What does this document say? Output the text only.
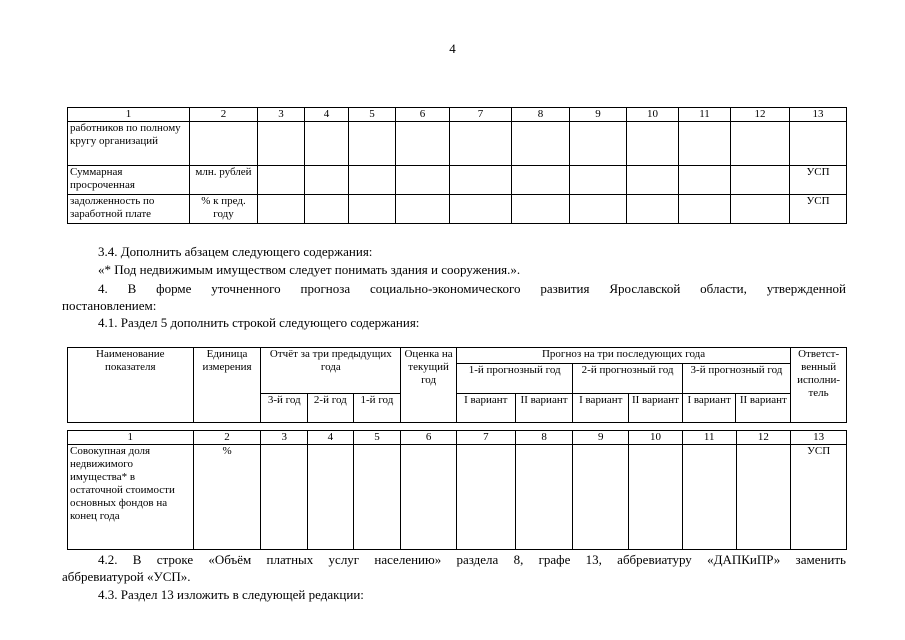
4
1	2	3	4	5	6	7	8	9	10	11	12	13
работников по полному кругу организаций												
Суммарная просроченная	млн. рублей											УСП
задолженность по заработной плате	% к пред. году											УСП

3.4. Дополнить абзацем следующего содержания:

«* Под недвижимым имуществом следует понимать здания и сооружения.».

4. В форме уточненного прогноза социально-экономического развития Ярославской области, утвержденной

постановлением:

4.1. Раздел 5 дополнить строкой следующего содержания:

Наименование показателя	Единица измерения	Отчёт за три предыдущих года			Оценка на текущий год	Прогноз на три последующих года						Ответст- венный исполни- тель
						1-й прогнозный год		2-й прогнозный год		3-й прогнозный год		
		3-й год	2-й год	1-й год		I вариант	II вариант	I вариант	II вариант	I вариант	II вариант	
1	2	3	4	5	6	7	8	9	10	11	12	13
Совокупная доля недвижимого имущества* в остаточной стоимости основных фондов на конец года	%											УСП

4.2. В строке «Объём платных услуг населению» раздела 8, графе 13, аббревиатуру «ДАПКиПР» заменить

аббревиатурой «УСП».

4.3. Раздел 13 изложить в следующей редакции:
